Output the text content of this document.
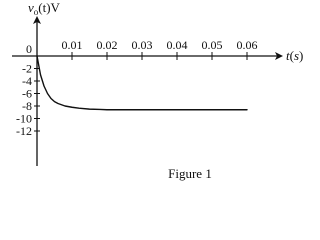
0.01 0.02 0.03 0.04 0.05 0.06
0
-2
-4
-6
-8
-10
-12
$v_o(t)V$
t(s)
Figure 1
